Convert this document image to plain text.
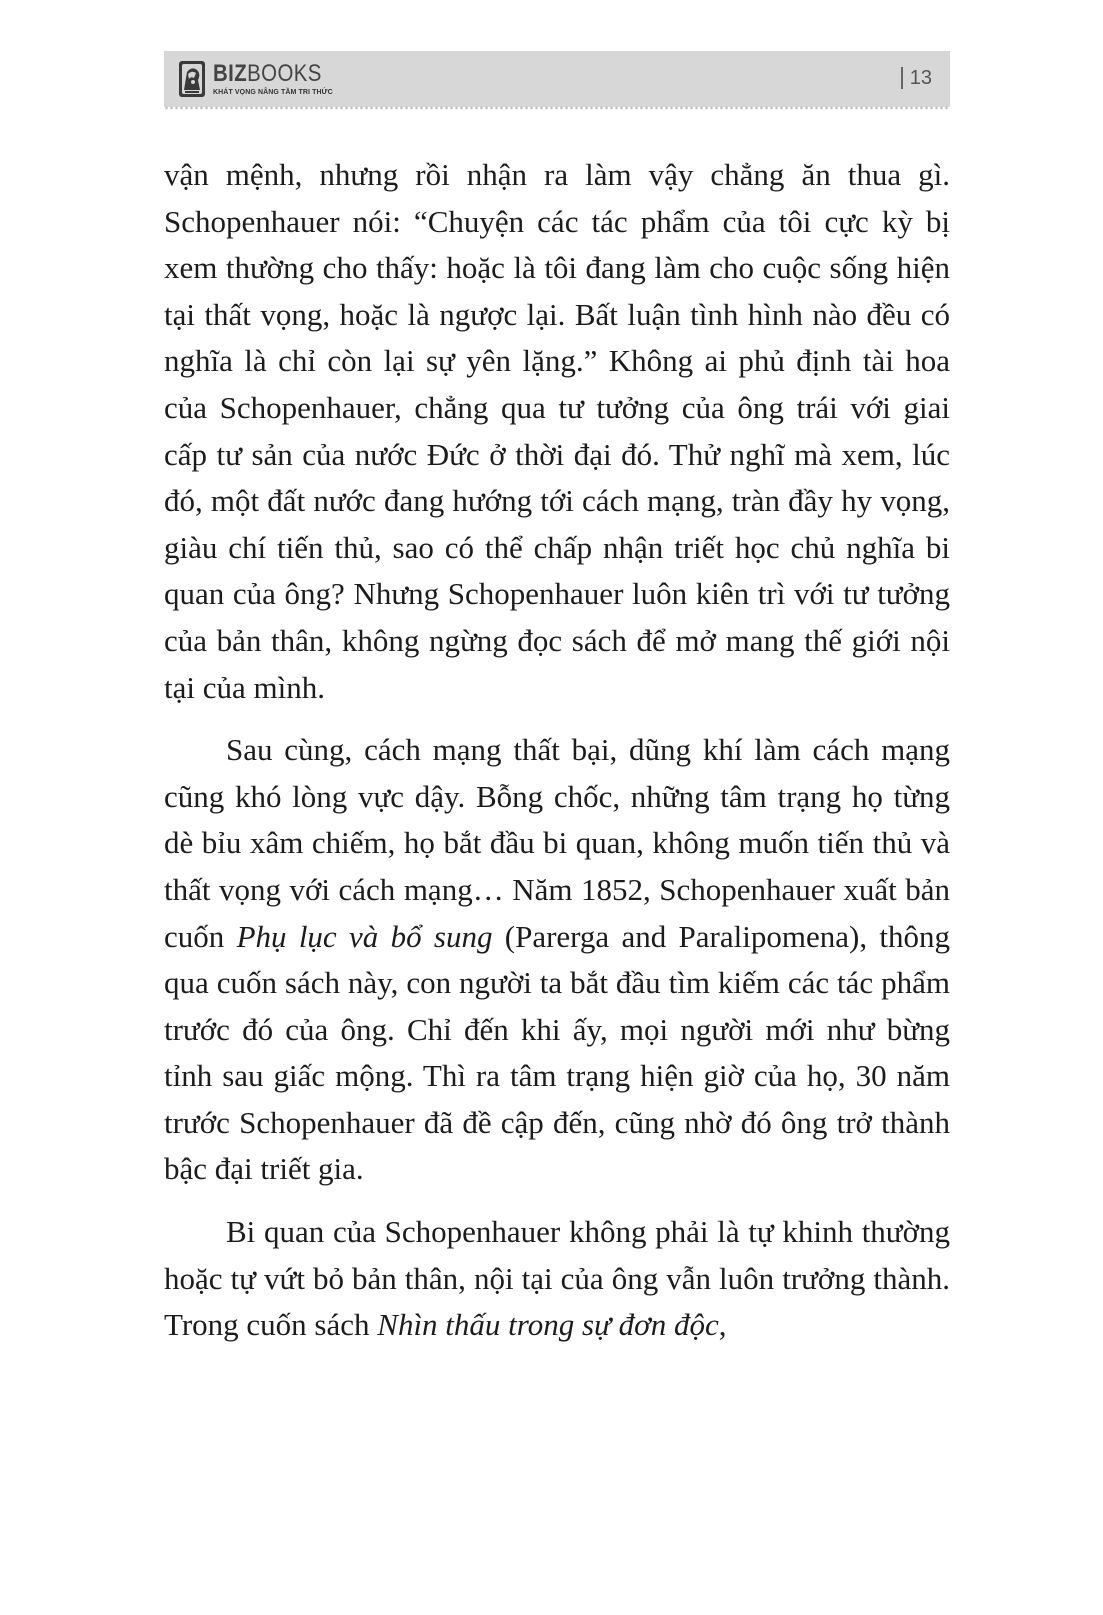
BIZBOOKS
KHÁT VỌNG NÂNG TẦM TRI THỨC
13

vận mệnh, nhưng rồi nhận ra làm vậy chẳng ăn thua gì. Schopenhauer nói: “Chuyện các tác phẩm của tôi cực kỳ bị xem thường cho thấy: hoặc là tôi đang làm cho cuộc sống hiện tại thất vọng, hoặc là ngược lại. Bất luận tình hình nào đều có nghĩa là chỉ còn lại sự yên lặng.” Không ai phủ định tài hoa của Schopenhauer, chẳng qua tư tưởng của ông trái với giai cấp tư sản của nước Đức ở thời đại đó. Thử nghĩ mà xem, lúc đó, một đất nước đang hướng tới cách mạng, tràn đầy hy vọng, giàu chí tiến thủ, sao có thể chấp nhận triết học chủ nghĩa bi quan của ông? Nhưng Schopenhauer luôn kiên trì với tư tưởng của bản thân, không ngừng đọc sách để mở mang thế giới nội tại của mình.

Sau cùng, cách mạng thất bại, dũng khí làm cách mạng cũng khó lòng vực dậy. Bỗng chốc, những tâm trạng họ từng dè bỉu xâm chiếm, họ bắt đầu bi quan, không muốn tiến thủ và thất vọng với cách mạng… Năm 1852, Schopenhauer xuất bản cuốn Phụ lục và bổ sung (Parerga and Paralipomena), thông qua cuốn sách này, con người ta bắt đầu tìm kiếm các tác phẩm trước đó của ông. Chỉ đến khi ấy, mọi người mới như bừng tỉnh sau giấc mộng. Thì ra tâm trạng hiện giờ của họ, 30 năm trước Schopenhauer đã đề cập đến, cũng nhờ đó ông trở thành bậc đại triết gia.

Bi quan của Schopenhauer không phải là tự khinh thường hoặc tự vứt bỏ bản thân, nội tại của ông vẫn luôn trưởng thành. Trong cuốn sách Nhìn thấu trong sự đơn độc,
